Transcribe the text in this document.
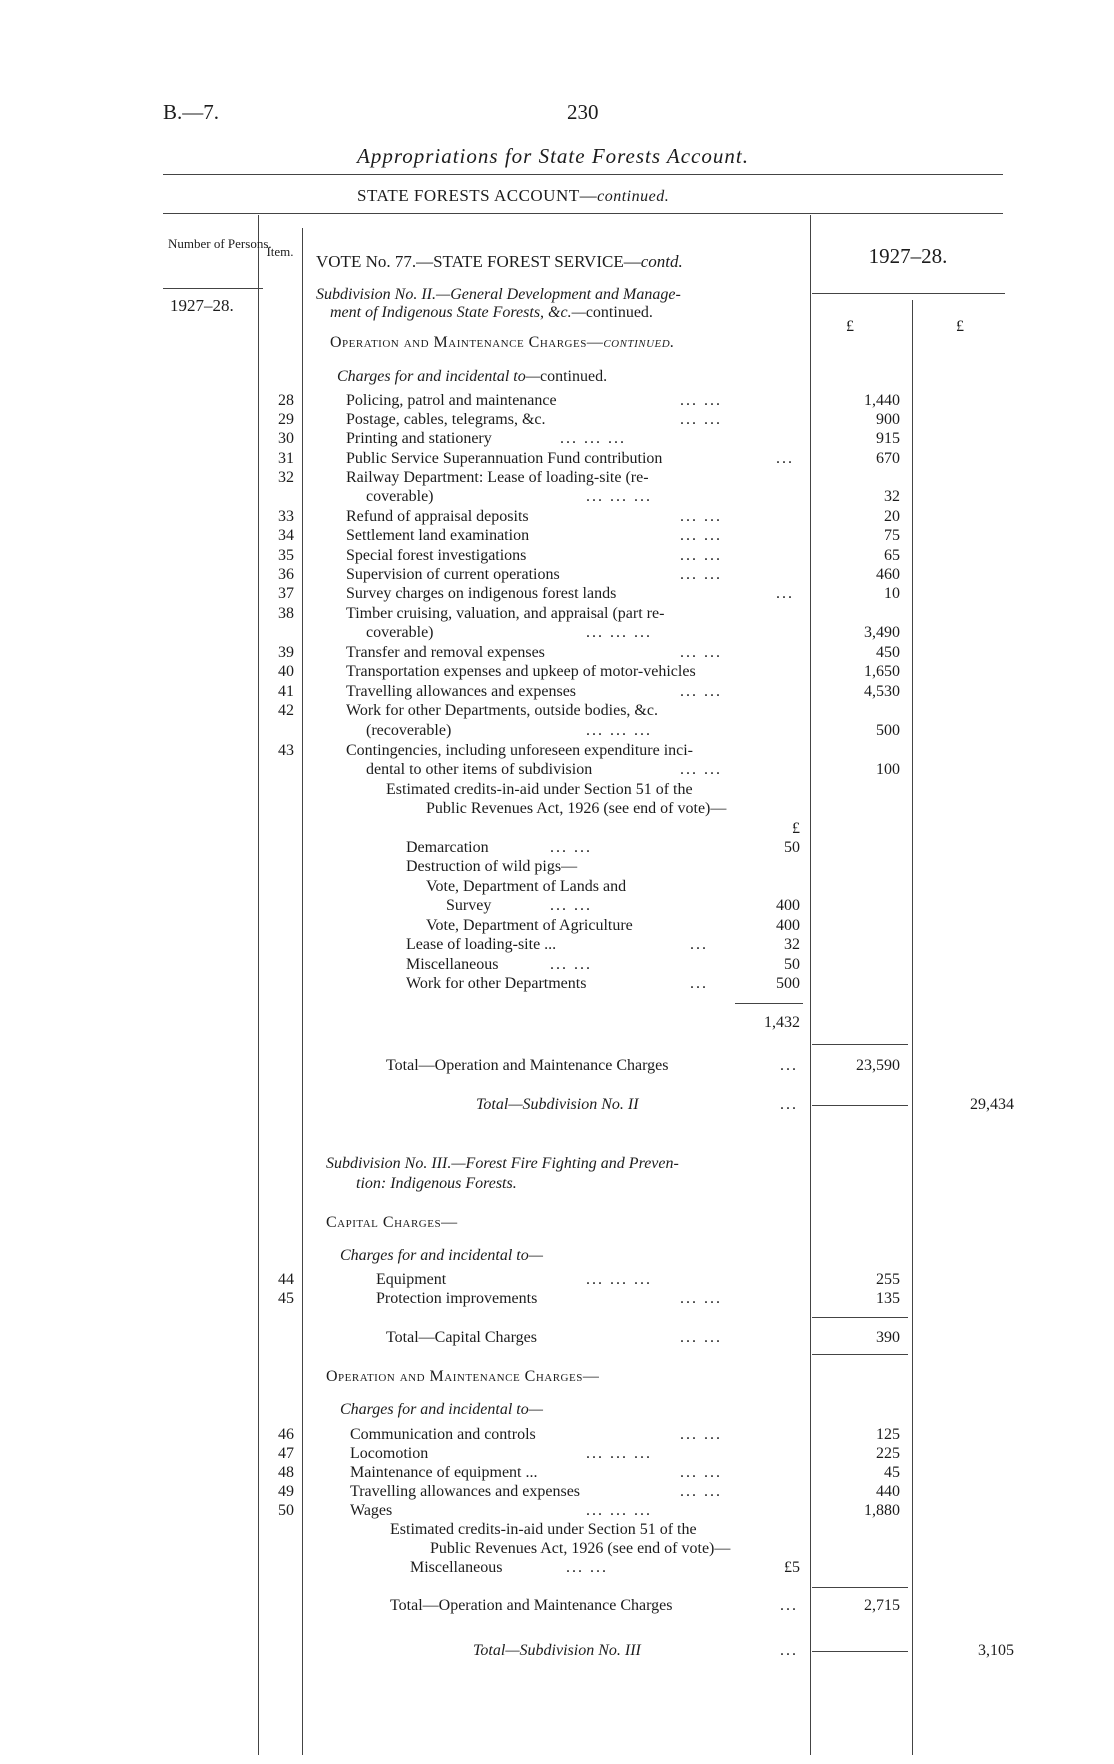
B.—7.	230
Appropriations for State Forests Account.
STATE FORESTS ACCOUNT—continued.
Number of Persons.
Item.
VOTE No. 77.—STATE FOREST SERVICE—contd.	1927–28.
1927–28.
£	£
Subdivision No. II.—General Development and Manage-
ment of Indigenous State Forests, &c.—continued.
Operation and Maintenance Charges—continued.
Charges for and incidental to—continued.
28	Policing, patrol and maintenance	... ...	1,440
29	Postage, cables, telegrams, &c.	... ...	900
30	Printing and stationery	... ... ...	915
31	Public Service Superannuation Fund contribution	...	670
32	Railway Department: Lease of loading-site (re-
coverable)	... ... ...	32
33	Refund of appraisal deposits	... ...	20
34	Settlement land examination	... ...	75
35	Special forest investigations	... ...	65
36	Supervision of current operations	... ...	460
37	Survey charges on indigenous forest lands	...	10
38	Timber cruising, valuation, and appraisal (part re-
coverable)	... ... ...	3,490
39	Transfer and removal expenses	... ...	450
40	Transportation expenses and upkeep of motor-vehicles	1,650
41	Travelling allowances and expenses	... ...	4,530
42	Work for other Departments, outside bodies, &c.
(recoverable)	... ... ...	500
43	Contingencies, including unforeseen expenditure inci-
dental to other items of subdivision	... ...	100
Estimated credits-in-aid under Section 51 of the
Public Revenues Act, 1926 (see end of vote)—
£
Demarcation	... ...	50
Destruction of wild pigs—
Vote, Department of Lands and
Survey	... ...	400
Vote, Department of Agriculture	400
Lease of loading-site ...	...	32
Miscellaneous	... ...	50
Work for other Departments	...	500
1,432
Total—Operation and Maintenance Charges	...	23,590
Total—Subdivision No. II	...	29,434
Subdivision No. III.—Forest Fire Fighting and Preven-
tion: Indigenous Forests.
Capital Charges—
Charges for and incidental to—
44	Equipment	... ... ...	255
45	Protection improvements	... ...	135
Total—Capital Charges	... ...	390
Operation and Maintenance Charges—
Charges for and incidental to—
46	Communication and controls	... ...	125
47	Locomotion	... ... ...	225
48	Maintenance of equipment ...	... ...	45
49	Travelling allowances and expenses	... ...	440
50	Wages	... ... ...	1,880
Estimated credits-in-aid under Section 51 of the
Public Revenues Act, 1926 (see end of vote)—
Miscellaneous	... ...	£5
Total—Operation and Maintenance Charges	...	2,715
Total—Subdivision No. III	...	3,105
